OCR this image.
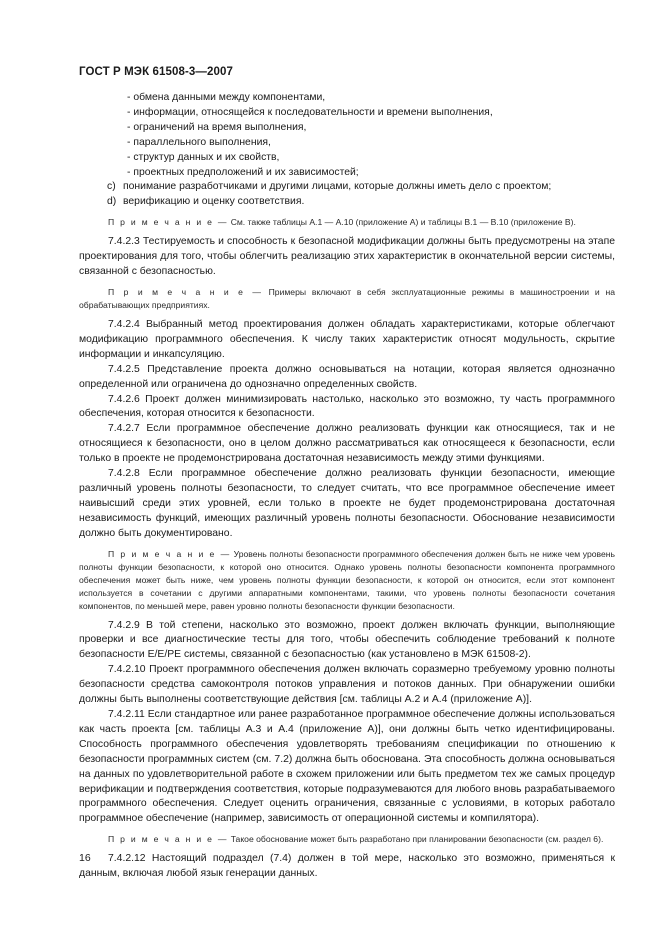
ГОСТ Р МЭК 61508-3—2007
- обмена данными между компонентами,
- информации, относящейся к последовательности и времени выполнения,
- ограничений на время выполнения,
- параллельного выполнения,
- структур данных и их свойств,
- проектных предположений и их зависимостей;
c) понимание разработчиками и другими лицами, которые должны иметь дело с проектом;
d) верификацию и оценку соответствия.
П р и м е ч а н и е — См. также таблицы А.1 — А.10 (приложение А) и таблицы В.1 — В.10 (приложение В).

7.4.2.3 Тестируемость и способность к безопасной модификации должны быть предусмотрены на этапе проектирования для того, чтобы облегчить реализацию этих характеристик в окончательной версии системы, связанной с безопасностью.

П р и м е ч а н и е — Примеры включают в себя эксплуатационные режимы в машиностроении и на обрабатывающих предприятиях.

7.4.2.4 Выбранный метод проектирования должен обладать характеристиками, которые облегчают модификацию программного обеспечения. К числу таких характеристик относят модульность, скрытие информации и инкапсуляцию.

7.4.2.5 Представление проекта должно основываться на нотации, которая является однозначно определенной или ограничена до однозначно определенных свойств.

7.4.2.6 Проект должен минимизировать настолько, насколько это возможно, ту часть программного обеспечения, которая относится к безопасности.

7.4.2.7 Если программное обеспечение должно реализовать функции как относящиеся, так и не относящиеся к безопасности, оно в целом должно рассматриваться как относящееся к безопасности, если только в проекте не продемонстрирована достаточная независимость между этими функциями.

7.4.2.8 Если программное обеспечение должно реализовать функции безопасности, имеющие различный уровень полноты безопасности, то следует считать, что все программное обеспечение имеет наивысший среди этих уровней, если только в проекте не будет продемонстрирована достаточная независимость функций, имеющих различный уровень полноты безопасности. Обоснование независимости должно быть документировано.

П р и м е ч а н и е — Уровень полноты безопасности программного обеспечения должен быть не ниже чем уровень полноты функции безопасности, к которой оно относится. Однако уровень полноты безопасности компонента программного обеспечения может быть ниже, чем уровень полноты функции безопасности, к которой он относится, если этот компонент используется в сочетании с другими аппаратными компонентами, такими, что уровень полноты безопасности сочетания компонентов, по меньшей мере, равен уровню полноты безопасности функции безопасности.

7.4.2.9 В той степени, насколько это возможно, проект должен включать функции, выполняющие проверки и все диагностические тесты для того, чтобы обеспечить соблюдение требований к полноте безопасности Е/Е/РЕ системы, связанной с безопасностью (как установлено в МЭК 61508-2).

7.4.2.10 Проект программного обеспечения должен включать соразмерно требуемому уровню полноты безопасности средства самоконтроля потоков управления и потоков данных. При обнаружении ошибки должны быть выполнены соответствующие действия [см. таблицы А.2 и А.4 (приложение А)].

7.4.2.11 Если стандартное или ранее разработанное программное обеспечение должны использоваться как часть проекта [см. таблицы А.3 и А.4 (приложение А)], они должны быть четко идентифицированы. Способность программного обеспечения удовлетворять требованиям спецификации по отношению к безопасности программных систем (см. 7.2) должна быть обоснована. Эта способность должна основываться на данных по удовлетворительной работе в схожем приложении или быть предметом тех же самых процедур верификации и подтверждения соответствия, которые подразумеваются для любого вновь разрабатываемого программного обеспечения. Следует оценить ограничения, связанные с условиями, в которых работало программное обеспечение (например, зависимость от операционной системы и компилятора).

П р и м е ч а н и е — Такое обоснование может быть разработано при планировании безопасности (см. раздел 6).

7.4.2.12 Настоящий подраздел (7.4) должен в той мере, насколько это возможно, применяться к данным, включая любой язык генерации данных.

16
